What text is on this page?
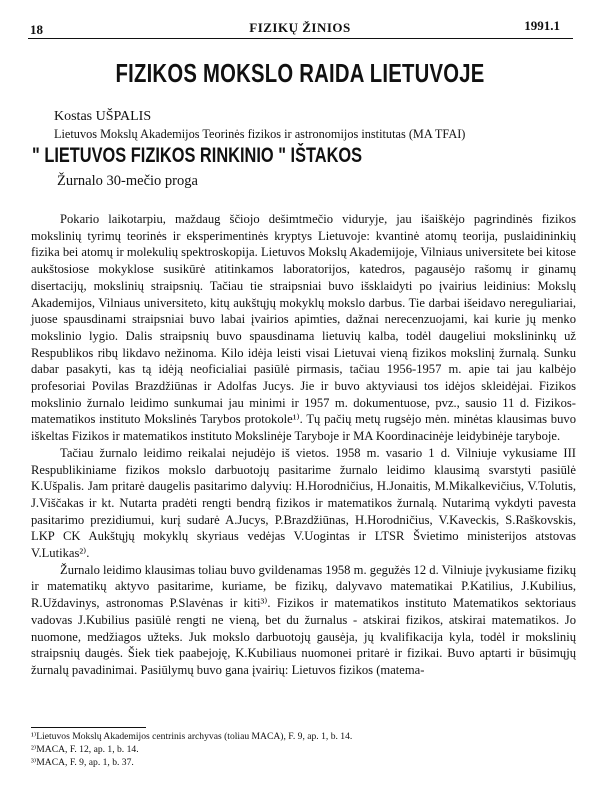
18	FIZIKŲ ŽINIOS	1991.1
FIZIKOS MOKSLO RAIDA LIETUVOJE
Kostas UŠPALIS
Lietuvos Mokslų Akademijos Teorinės fizikos ir astronomijos institutas (MA TFAI)
" LIETUVOS FIZIKOS RINKINIO " IŠTAKOS
Žurnalo 30-mečio proga

Pokario laikotarpiu, maždaug ščiojo dešimtmečio viduryje, jau išaiškėjo pagrindinės fizikos mokslinių tyrimų teorinės ir eksperimentinės kryptys Lietuvoje: kvantinė atomų teorija, puslaidininkių fizika bei atomų ir molekulių spektroskopija. Lietuvos Mokslų Akademijoje, Vilniaus universitete bei kitose aukštosiose mokyklose susikūrė atitinkamos laboratorijos, katedros, pagausėjo rašomų ir ginamų disertacijų, mokslinių straipsnių. Tačiau tie straipsniai buvo išsklaidyti po įvairius leidinius: Mokslų Akademijos, Vilniaus universiteto, kitų aukštųjų mokyklų mokslo darbus. Tie darbai išeidavo nereguliariai, juose spausdinami straipsniai buvo labai įvairios apimties, dažnai nerecenzuojami, kai kurie jų menko mokslinio lygio. Dalis straipsnių buvo spausdinama lietuvių kalba, todėl daugeliui mokslininkų už Respublikos ribų likdavo nežinoma. Kilo idėja leisti visai Lietuvai vieną fizikos mokslinį žurnalą. Sunku dabar pasakyti, kas tą idėją neoficialiai pasiūlė pirmasis, tačiau 1956-1957 m. apie tai jau kalbėjo profesoriai Povilas Brazdžiūnas ir Adolfas Jucys. Jie ir buvo aktyviausi tos idėjos skleidėjai. Fizikos mokslinio žurnalo leidimo sunkumai jau minimi ir 1957 m. dokumentuose, pvz., sausio 11 d. Fizikos-matematikos instituto Mokslinės Tarybos protokole¹⁾. Tų pačių metų rugsėjo mėn. minėtas klausimas buvo iškeltas Fizikos ir matematikos instituto Mokslinėje Taryboje ir MA Koordinacinėje leidybinėje taryboje.

Tačiau žurnalo leidimo reikalai nejudėjo iš vietos. 1958 m. vasario 1 d. Vilniuje vykusiame III Respublikiniame fizikos mokslo darbuotojų pasitarime žurnalo leidimo klausimą svarstyti pasiūlė K.Ušpalis. Jam pritarė daugelis pasitarimo dalyvių: H.Horodničius, H.Jonaitis, M.Mikalkevičius, V.Tolutis, J.Viščakas ir kt. Nutarta pradėti rengti bendrą fizikos ir matematikos žurnalą. Nutarimą vykdyti pavesta pasitarimo prezidiumui, kurį sudarė A.Jucys, P.Brazdžiūnas, H.Horodničius, V.Kaveckis, S.Raškovskis, LKP CK Aukštųjų mokyklų skyriaus vedėjas V.Uogintas ir LTSR Švietimo ministerijos atstovas V.Lutikas²⁾.

Žurnalo leidimo klausimas toliau buvo gvildenamas 1958 m. gegužės 12 d. Vilniuje įvykusiame fizikų ir matematikų aktyvo pasitarime, kuriame, be fizikų, dalyvavo matematikai P.Katilius, J.Kubilius, R.Uždavinys, astronomas P.Slavėnas ir kiti³⁾. Fizikos ir matematikos instituto Matematikos sektoriaus vadovas J.Kubilius pasiūlė rengti ne vieną, bet du žurnalus - atskirai fizikos, atskirai matematikos. Jo nuomone, medžiagos užteks. Juk mokslo darbuotojų gausėja, jų kvalifikacija kyla, todėl ir mokslinių straipsnių daugės. Šiek tiek paabejoję, K.Kubiliaus nuomonei pritarė ir fizikai. Buvo aptarti ir būsimųjų žurnalų pavadinimai. Pasiūlymų buvo gana įvairių: Lietuvos fizikos (matema-

¹⁾Lietuvos Mokslų Akademijos centrinis archyvas (toliau MACA), F. 9, ap. 1, b. 14.
²⁾MACA, F. 12, ap. 1, b. 14.
³⁾MACA, F. 9, ap. 1, b. 37.
